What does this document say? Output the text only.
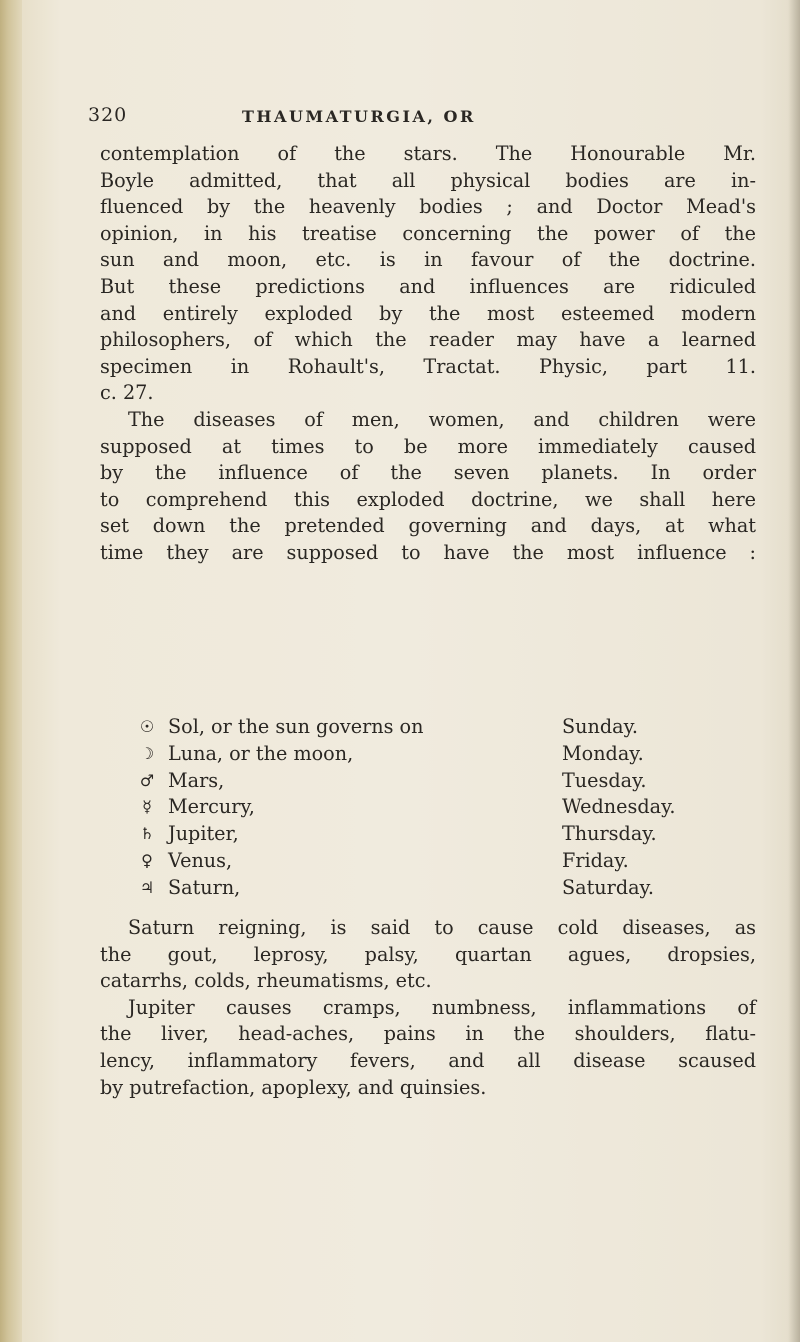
320	THAUMATURGIA, OR

contemplation of the stars. The Honourable Mr.
Boyle admitted, that all physical bodies are in-
fluenced by the heavenly bodies ; and Doctor Mead's
opinion, in his treatise concerning the power of the
sun and moon, etc. is in favour of the doctrine.
But these predictions and influences are ridiculed
and entirely exploded by the most esteemed modern
philosophers, of which the reader may have a learned
specimen in Rohault's, Tractat. Physic, part 11.
c. 27.

The diseases of men, women, and children were
supposed at times to be more immediately caused
by the influence of the seven planets. In order
to comprehend this exploded doctrine, we shall here
set down the pretended governing and days, at what
time they are supposed to have the most influence :

☉ Sol, or the sun governs on	Sunday.
☽ Luna, or the moon,	Monday.
♂ Mars,	Tuesday.
☿ Mercury,	Wednesday.
♄ Jupiter,	Thursday.
♀ Venus,	Friday.
♃ Saturn,	Saturday.

Saturn reigning, is said to cause cold diseases, as
the gout, leprosy, palsy, quartan agues, dropsies,
catarrhs, colds, rheumatisms, etc.

Jupiter causes cramps, numbness, inflammations of
the liver, head-aches, pains in the shoulders, flatu-
lency, inflammatory fevers, and all disease scaused
by putrefaction, apoplexy, and quinsies.
